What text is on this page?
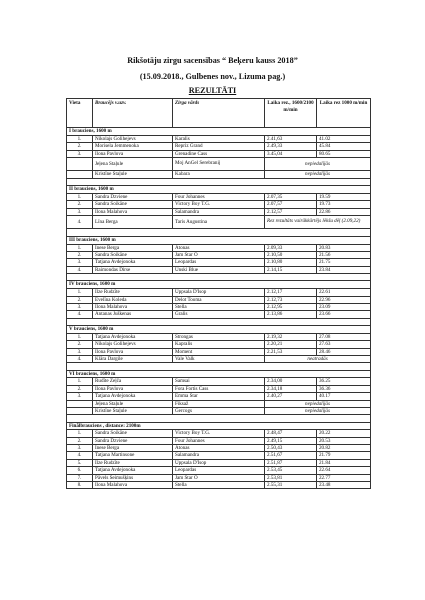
Rikšotāju zirgu sacensības “ Beķeru kauss 2018”
(15.09.2018., Gulbenes nov., Lizuma pag.)
REZULTĀTI
Vieta	Braucējs v.uzv.	Zirga vārds	Laika rez., 1600/2100 m/min	Laika rez 1000 m/min
I brauciens, 1600 m				
1.	Nikolajs Golihejevs	Karalis	2.41,63	41.02
2.	Morisela Jemmenoka	Repriz Grand	2.49,33	45.84
3.	Ilona Pavlova	Grenadine Cass	3.45,04	80.65
	Jeļena Staļule	Moj AnGel Serebranij	nepiedalījās	
	Kristīne Staļule	Kabara	nepiedalījās	

II brauciens, 1600 m				
1.	Sandra Dzviene	Four Johannes	2.07,35	19.59
2.	Sandra Soikāne	Victory Boy T.G.	2.07,57	19.73
3.	Ilona Malahova	Salamandra	2.12,57	22.86
4.	Līna Berga	Taris Augustina	Rez rezultāts vairākkārtējs lēkšu dēļ (2.09,22)	

III brauciens, 1600 m				
1.	Inese Berga	Atonas	2.09,33	20.83
2.	Sandra Soikāne	Jam Star O	2.10,50	21.56
3.	Tatjana Avdejonoka	Leopardas	2.10,80	21.75
4.	Raimondas Dirse	Unski Blue	2.14,15	23.84

IV brauciens, 1600 m				
1.	Ilze Rudzīte	Uppsala D'Isop	2.12,17	22.61
2.	Evelīna Koleda	Delot Tooma	2.12,73	22.96
3.	Ilona Malahova	Stella	2.12,95	23.09
4.	Antanas Juškenas	Gralis	2.13,86	23.66

V brauciens, 1600 m				
1.	Tatjana Avdejonoka	Strongas	2.19,32	27.08
2.	Nikolajs Golihejevs	Kapralis	2.20,21	27.63
3.	Ilona Pavlova	Moment	2.21,53	28.46
4.	Klāra Dargile	Vale Valk	neatradās	

VI brauciens, 1600 m				
1.	Rudīte Zeļča	Samsai	2.34,00	36.25
2.	Ilona Pavlova	Fora Fortis Cass	2.34,18	36.36
3.	Tatjana Avdejonoka	Emma Star	2.40,27	40.17
	Jeļena Staļule	Fiksaž	nepiedalījās	
	Kristīne Staļule	Gercogs	nepiedalījās	

Finālbrauciens , distance: 2100m				
1.	Sandra Soikāne	Victory Boy T.G.	2.48,47	20.22
2.	Sandra Dzviene	Four Johannes	2.49,15	20.53
3.	Inese Berga	Atonas	2.50,43	20.82
4.	Tatjana Martinsone	Salamandra	2.51,67	21.79
5.	Ilze Rudzīte	Uppsala D'Isop	2.51,87	21.84
6.	Tatjana Avdejonoka	Leopardas	2.53,45	22.64
7.	Pāvels Seimušķins	Jam Star O	2.53,81	22.77
8.	Ilona Malahova	Stella	2.55,31	23.48
